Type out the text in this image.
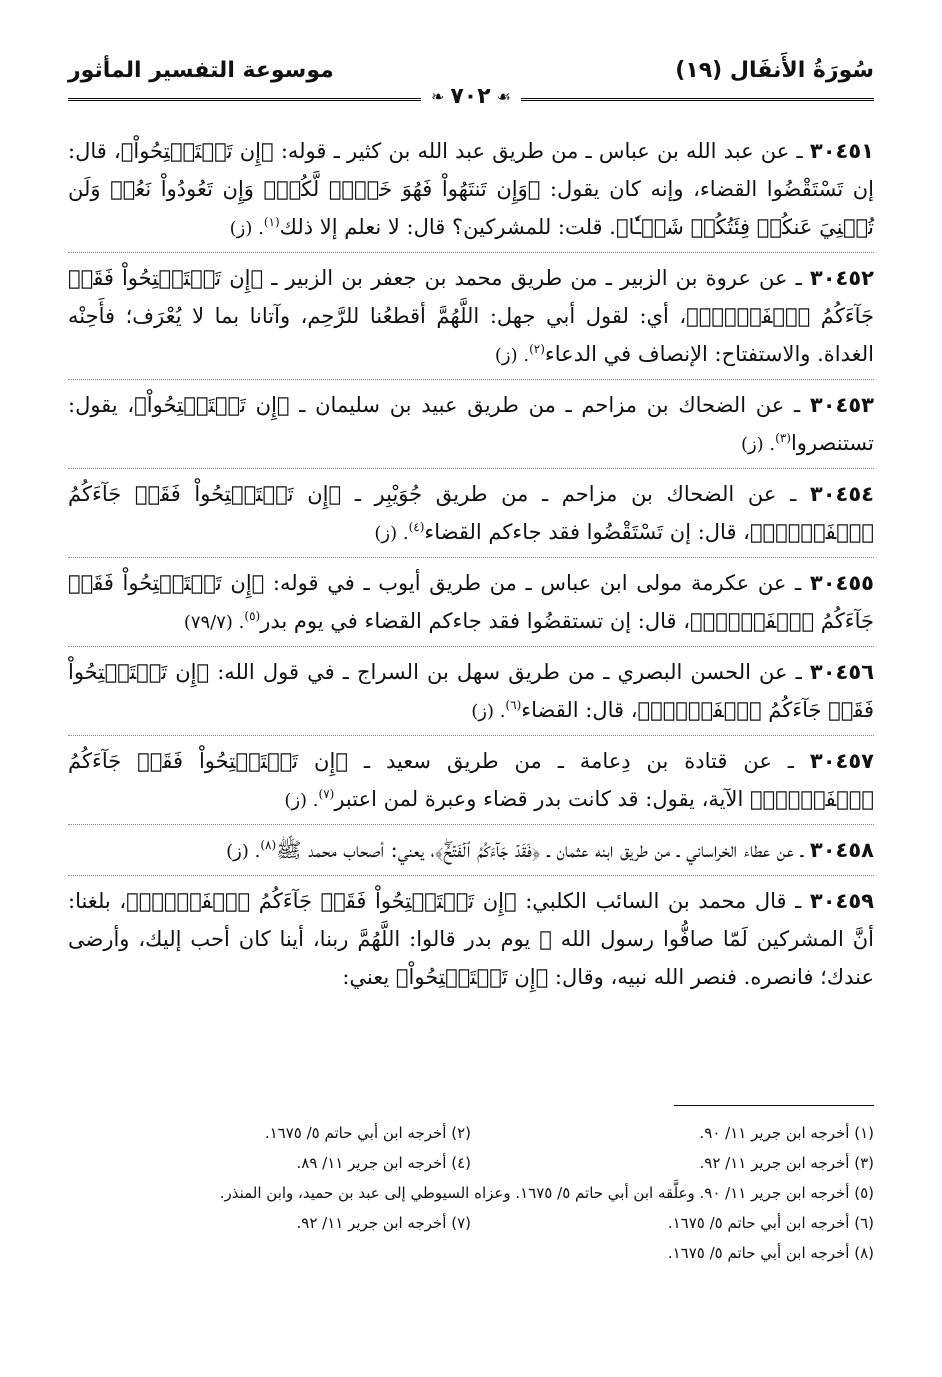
سُورَةُ الأَنفَال (١٩)
موسوعة التفسير المأثور
❧ ٧٠٢ ☙

٣٠٤٥١ ـ عن عبد الله بن عباس ـ من طريق عبد الله بن كثير ـ قوله: ﴿إِن تَسۡتَفۡتِحُواْ﴾، قال: إن تَسْتَقْضُوا القضاء، وإنه كان يقول: ﴿وَإِن تَنتَهُواْ فَهُوَ خَيۡرٞ لَّكُمۡۖ وَإِن تَعُودُواْ نَعُدۡ وَلَن تُغۡنِيَ عَنكُمۡ فِئَتُكُمۡ شَيۡـٔٗا﴾. قلت: للمشركين؟ قال: لا نعلم إلا ذلك$^{(١)}$. (ز)

٣٠٤٥٢ ـ عن عروة بن الزبير ـ من طريق محمد بن جعفر بن الزبير ـ ﴿إِن تَسۡتَفۡتِحُواْ فَقَدۡ جَآءَكُمُ ٱلۡفَتۡحُۖ﴾، أي: لقول أبي جهل: اللَّهُمَّ أقطعُنا للرَّحِم، وآتانا بما لا يُعْرَف؛ فأَحِنْه الغداة. والاستفتاح: الإنصاف في الدعاء$^{(٢)}$. (ز)

٣٠٤٥٣ ـ عن الضحاك بن مزاحم ـ من طريق عبيد بن سليمان ـ ﴿إِن تَسۡتَفۡتِحُواْ﴾، يقول: تستنصروا$^{(٣)}$. (ز)

٣٠٤٥٤ ـ عن الضحاك بن مزاحم ـ من طريق جُوَيْبِر ـ ﴿إِن تَسۡتَفۡتِحُواْ فَقَدۡ جَآءَكُمُ ٱلۡفَتۡحُۖ﴾، قال: إن تَسْتَقْضُوا فقد جاءكم القضاء$^{(٤)}$. (ز)

٣٠٤٥٥ ـ عن عكرمة مولى ابن عباس ـ من طريق أيوب ـ في قوله: ﴿إِن تَسۡتَفۡتِحُواْ فَقَدۡ جَآءَكُمُ ٱلۡفَتۡحُۖ﴾، قال: إن تستقضُوا فقد جاءكم القضاء في يوم بدر$^{(٥)}$. (٧٩/٧)

٣٠٤٥٦ ـ عن الحسن البصري ـ من طريق سهل بن السراج ـ في قول الله: ﴿إِن تَسۡتَفۡتِحُواْ فَقَدۡ جَآءَكُمُ ٱلۡفَتۡحُۖ﴾، قال: القضاء$^{(٦)}$. (ز)

٣٠٤٥٧ ـ عن قتادة بن دِعامة ـ من طريق سعيد ـ ﴿إِن تَسۡتَفۡتِحُواْ فَقَدۡ جَآءَكُمُ ٱلۡفَتۡحُۖ﴾ الآية، يقول: قد كانت بدر قضاء وعبرة لمن اعتبر$^{(٧)}$. (ز)

٣٠٤٥٨ ـ عن عطاء الخراساني ـ من طريق ابنه عثمان ـ ﴿فَقَدۡ جَآءَكُمُ ٱلۡفَتۡحُۖ﴾، يعني: أصحاب محمد ﷺ$^{(٨)}$. (ز)

٣٠٤٥٩ ـ قال محمد بن السائب الكلبي: ﴿إِن تَسۡتَفۡتِحُواْ فَقَدۡ جَآءَكُمُ ٱلۡفَتۡحُۖ﴾، بلغنا: أنَّ المشركين لَمّا صافُّوا رسول الله ﷺ يوم بدر قالوا: اللَّهُمَّ ربنا، أينا كان أحب إليك، وأرضى عندك؛ فانصره. فنصر الله نبيه، وقال: ﴿إِن تَسۡتَفۡتِحُواْ﴾ يعني:

(١) أخرجه ابن جرير ١١/ ٩٠.
(٢) أخرجه ابن أبي حاتم ٥/ ١٦٧٥.
(٣) أخرجه ابن جرير ١١/ ٩٢.
(٤) أخرجه ابن جرير ١١/ ٨٩.
(٥) أخرجه ابن جرير ١١/ ٩٠. وعلَّقه ابن أبي حاتم ٥/ ١٦٧٥. وعزاه السيوطي إلى عبد بن حميد، وابن المنذر.
(٦) أخرجه ابن أبي حاتم ٥/ ١٦٧٥.
(٧) أخرجه ابن جرير ١١/ ٩٢.
(٨) أخرجه ابن أبي حاتم ٥/ ١٦٧٥.
